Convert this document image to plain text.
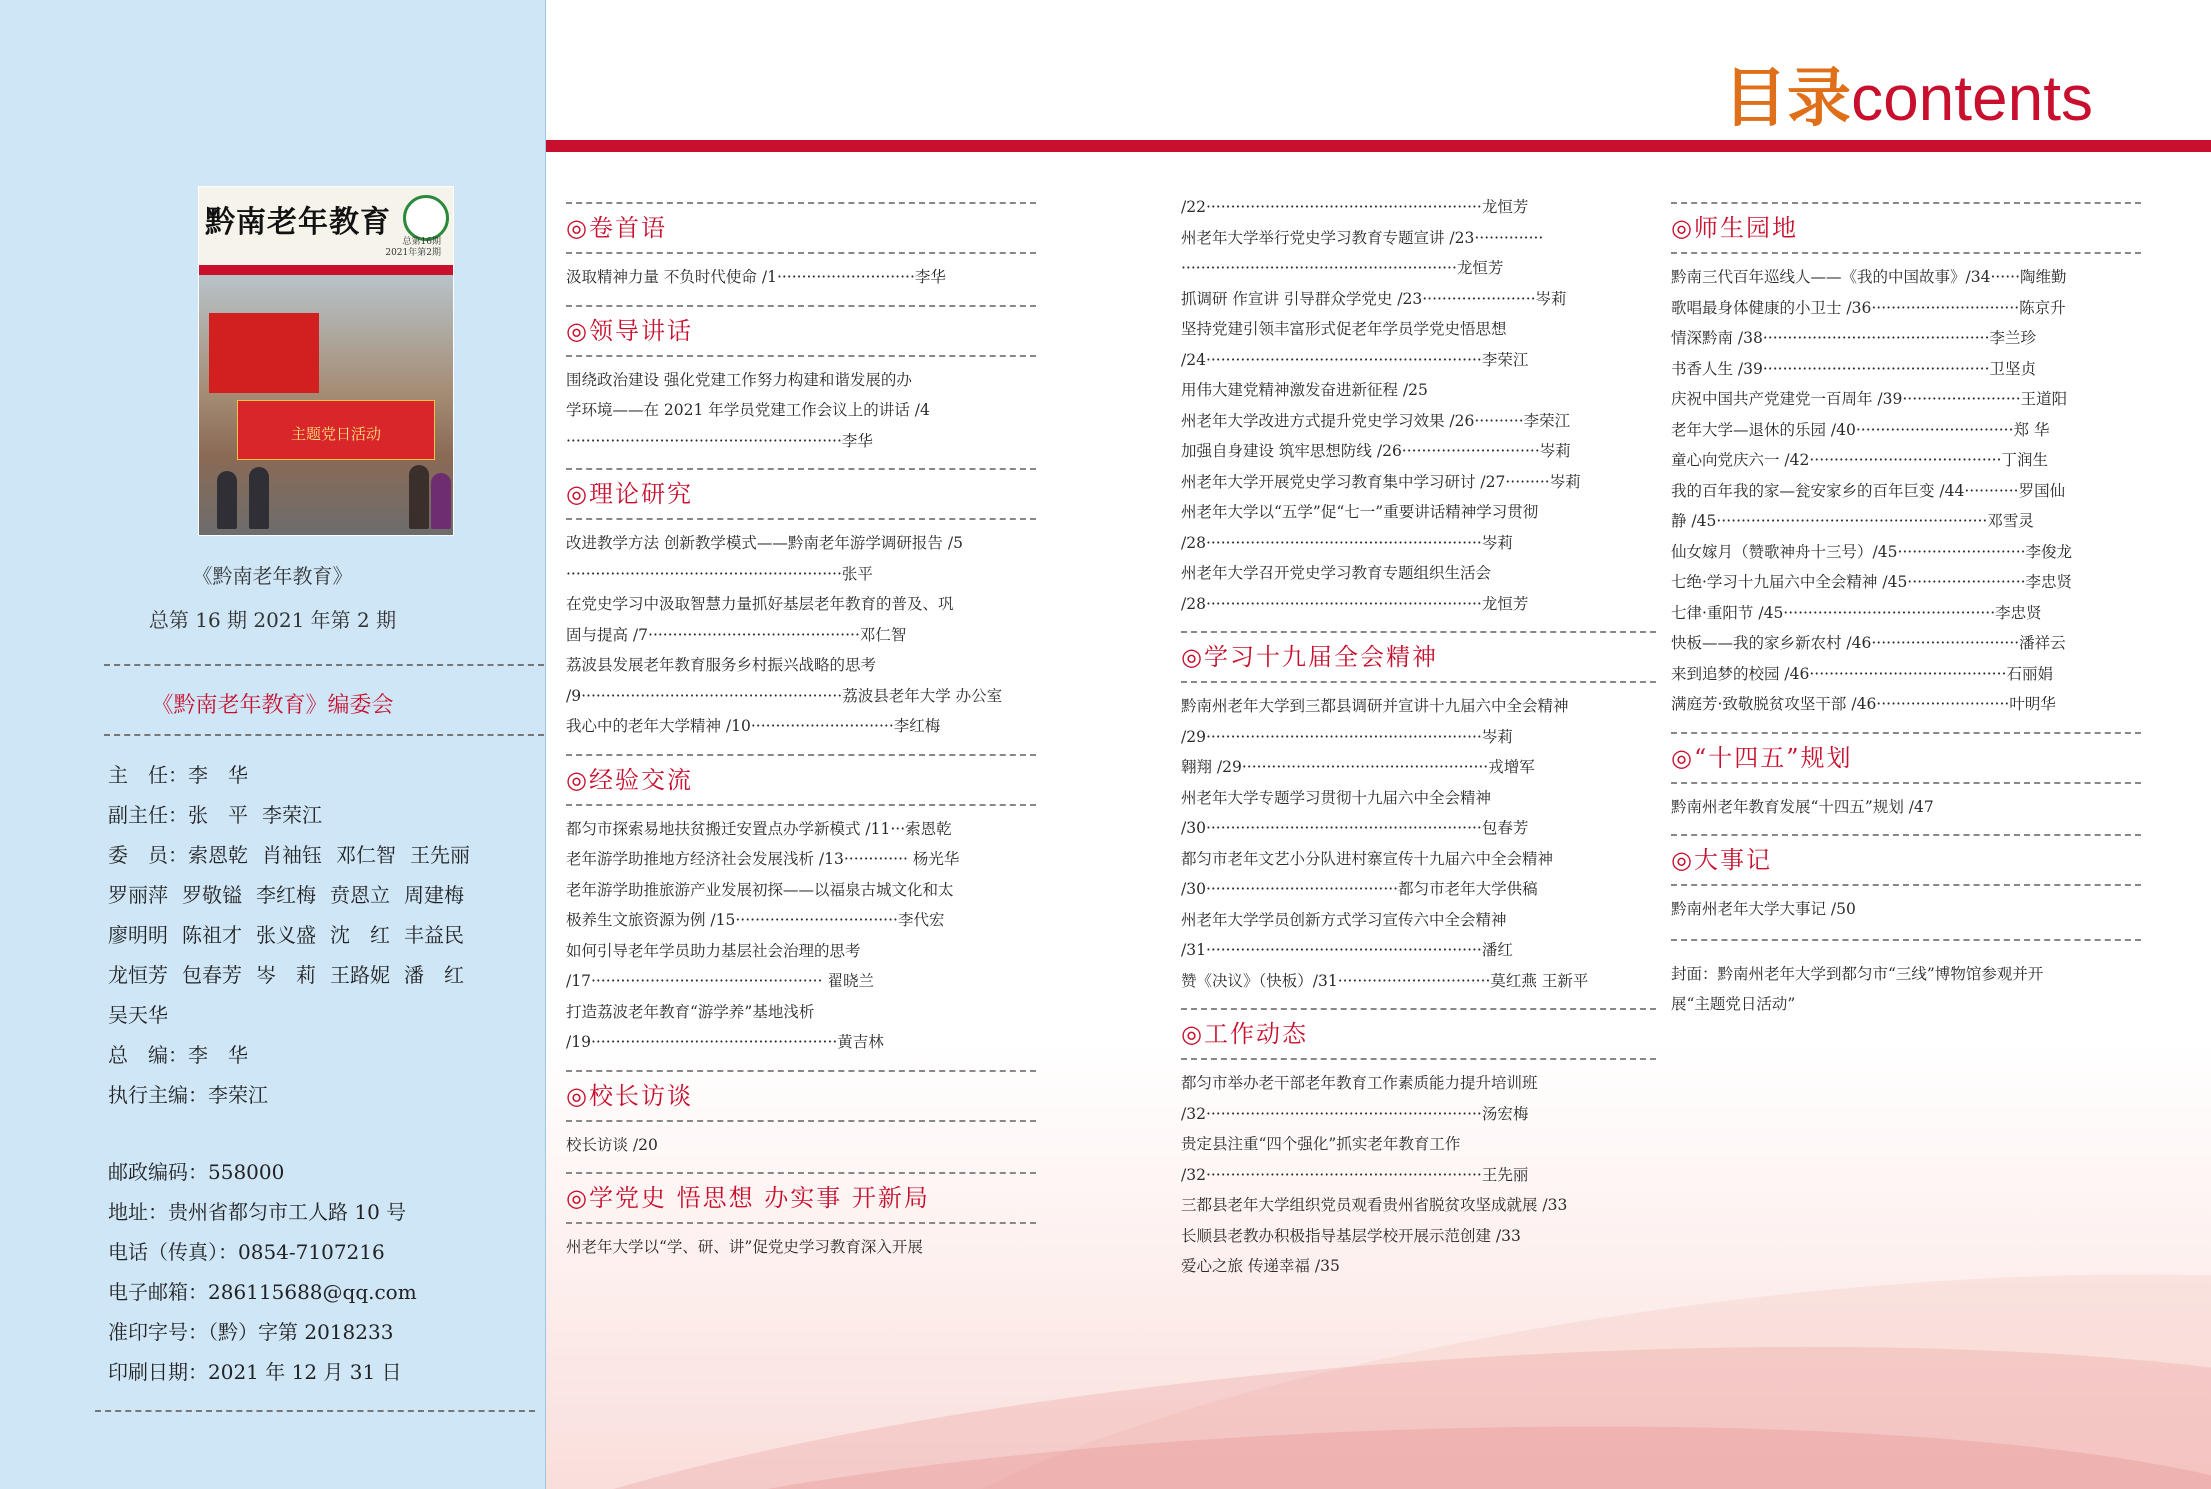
黔南老年教育
总第16期
2021年第2期
主题党日活动
《黔南老年教育》
总第 16 期 2021 年第 2 期
《黔南老年教育》编委会
主　任：李　华
副主任：张　平 李荣江
委　员：索恩乾 肖袖钰 邓仁智 王先丽
罗丽萍 罗敬镒 李红梅 贲恩立 周建梅
廖明明 陈祖才 张义盛 沈　红 丰益民
龙恒芳 包春芳 岑　莉 王路妮 潘　红
吴天华
总　编：李　华
执行主编：李荣江
邮政编码：558000
地址：贵州省都匀市工人路 10 号
电话（传真）：0854-7107216
电子邮箱：286115688@qq.com
准印字号：（黔）字第 2018233
印刷日期：2021 年 12 月 31 日
目录contents
◎卷首语
汲取精神力量 不负时代使命 /1····························李华
◎领导讲话
围绕政治建设 强化党建工作努力构建和谐发展的办
学环境——在 2021 年学员党建工作会议上的讲话 /4
························································李华
◎理论研究
改进教学方法 创新教学模式——黔南老年游学调研报告 /5
························································张平
在党史学习中汲取智慧力量抓好基层老年教育的普及、巩
固与提高 /7···········································邓仁智
荔波县发展老年教育服务乡村振兴战略的思考
/9·····················································荔波县老年大学 办公室
我心中的老年大学精神 /10·····························李红梅
◎经验交流
都匀市探索易地扶贫搬迁安置点办学新模式 /11···索恩乾
老年游学助推地方经济社会发展浅析 /13············· 杨光华
老年游学助推旅游产业发展初探——以福泉古城文化和太
极养生文旅资源为例 /15·································李代宏
如何引导老年学员助力基层社会治理的思考
/17··············································· 翟晓兰
打造荔波老年教育“游学养”基地浅析
/19··················································黄吉林
◎校长访谈
校长访谈 /20
◎学党史 悟思想 办实事 开新局
州老年大学以“学、研、讲”促党史学习教育深入开展
/22························································龙恒芳
州老年大学举行党史学习教育专题宣讲 /23··············
························································龙恒芳
抓调研 作宣讲 引导群众学党史 /23·······················岑莉
坚持党建引领丰富形式促老年学员学党史悟思想
/24························································李荣江
用伟大建党精神激发奋进新征程 /25
州老年大学改进方式提升党史学习效果 /26··········李荣江
加强自身建设 筑牢思想防线 /26····························岑莉
州老年大学开展党史学习教育集中学习研讨 /27·········岑莉
州老年大学以“五学”促“七一”重要讲话精神学习贯彻
/28························································岑莉
州老年大学召开党史学习教育专题组织生活会
/28························································龙恒芳
◎学习十九届全会精神
黔南州老年大学到三都县调研并宣讲十九届六中全会精神
/29························································岑莉
翱翔 /29··················································戎增军
州老年大学专题学习贯彻十九届六中全会精神
/30························································包春芳
都匀市老年文艺小分队进村寨宣传十九届六中全会精神
/30·······································都匀市老年大学供稿
州老年大学学员创新方式学习宣传六中全会精神
/31························································潘红
赞《决议》（快板）/31·······························莫红燕 王新平
◎工作动态
都匀市举办老干部老年教育工作素质能力提升培训班
/32························································汤宏梅
贵定县注重“四个强化”抓实老年教育工作
/32························································王先丽
三都县老年大学组织党员观看贵州省脱贫攻坚成就展 /33
长顺县老教办积极指导基层学校开展示范创建 /33
爱心之旅 传递幸福 /35
◎师生园地
黔南三代百年巡线人——《我的中国故事》/34······陶维勤
歌唱最身体健康的小卫士 /36······························陈京升
情深黔南 /38··············································李兰珍
书香人生 /39··············································卫坚贞
庆祝中国共产党建党一百周年 /39························王道阳
老年大学—退休的乐园 /40································郑 华
童心向党庆六一 /42·······································丁润生
我的百年我的家—瓮安家乡的百年巨变 /44···········罗国仙
静 /45·······················································邓雪灵
仙女嫁月（赞歌神舟十三号）/45··························李俊龙
七绝·学习十九届六中全会精神 /45························李忠贤
七律·重阳节 /45···········································李忠贤
快板——我的家乡新农村 /46······························潘祥云
来到追梦的校园 /46········································石丽娟
满庭芳·致敬脱贫攻坚干部 /46···························叶明华
◎“十四五”规划
黔南州老年教育发展“十四五”规划 /47
◎大事记
黔南州老年大学大事记 /50
封面：黔南州老年大学到都匀市“三线”博物馆参观并开
展“主题党日活动”
